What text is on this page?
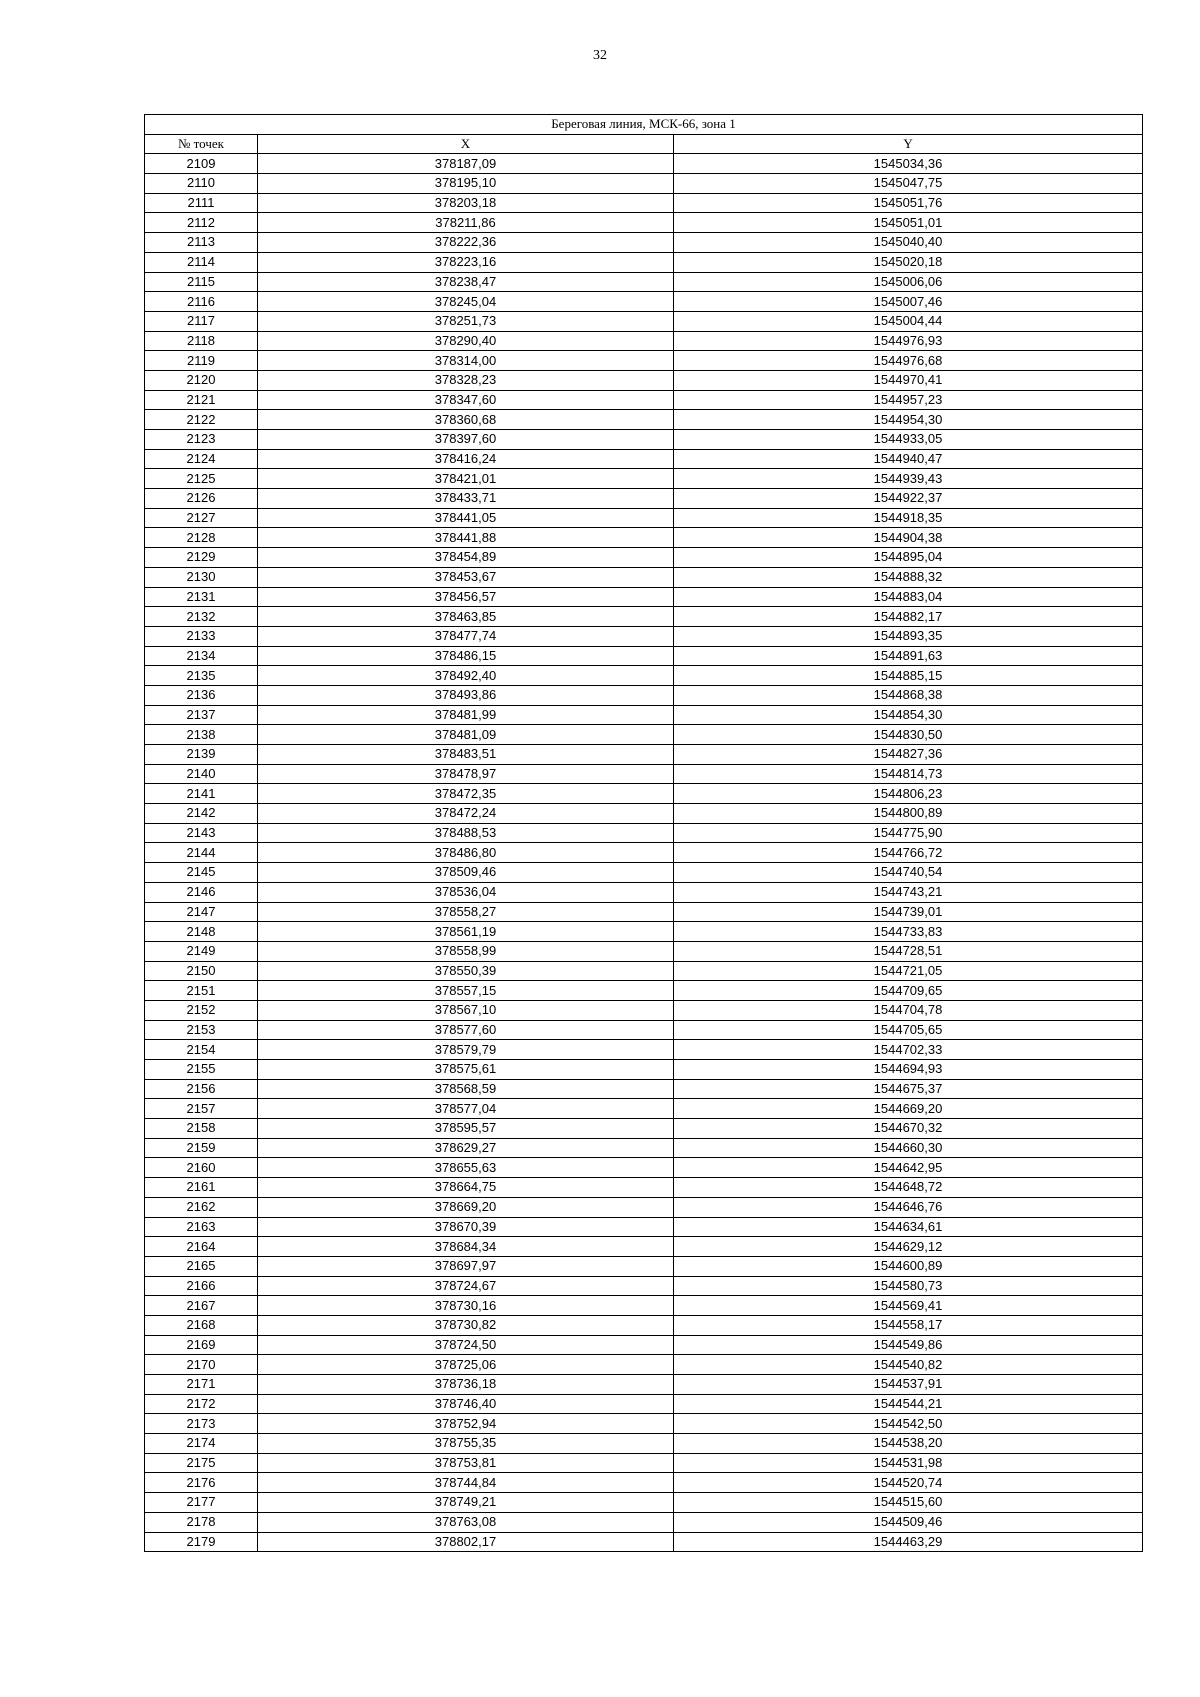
32
Береговая линия, МСК-66, зона 1		
№ точек	X	Y
2109	378187,09	1545034,36
2110	378195,10	1545047,75
2111	378203,18	1545051,76
2112	378211,86	1545051,01
2113	378222,36	1545040,40
2114	378223,16	1545020,18
2115	378238,47	1545006,06
2116	378245,04	1545007,46
2117	378251,73	1545004,44
2118	378290,40	1544976,93
2119	378314,00	1544976,68
2120	378328,23	1544970,41
2121	378347,60	1544957,23
2122	378360,68	1544954,30
2123	378397,60	1544933,05
2124	378416,24	1544940,47
2125	378421,01	1544939,43
2126	378433,71	1544922,37
2127	378441,05	1544918,35
2128	378441,88	1544904,38
2129	378454,89	1544895,04
2130	378453,67	1544888,32
2131	378456,57	1544883,04
2132	378463,85	1544882,17
2133	378477,74	1544893,35
2134	378486,15	1544891,63
2135	378492,40	1544885,15
2136	378493,86	1544868,38
2137	378481,99	1544854,30
2138	378481,09	1544830,50
2139	378483,51	1544827,36
2140	378478,97	1544814,73
2141	378472,35	1544806,23
2142	378472,24	1544800,89
2143	378488,53	1544775,90
2144	378486,80	1544766,72
2145	378509,46	1544740,54
2146	378536,04	1544743,21
2147	378558,27	1544739,01
2148	378561,19	1544733,83
2149	378558,99	1544728,51
2150	378550,39	1544721,05
2151	378557,15	1544709,65
2152	378567,10	1544704,78
2153	378577,60	1544705,65
2154	378579,79	1544702,33
2155	378575,61	1544694,93
2156	378568,59	1544675,37
2157	378577,04	1544669,20
2158	378595,57	1544670,32
2159	378629,27	1544660,30
2160	378655,63	1544642,95
2161	378664,75	1544648,72
2162	378669,20	1544646,76
2163	378670,39	1544634,61
2164	378684,34	1544629,12
2165	378697,97	1544600,89
2166	378724,67	1544580,73
2167	378730,16	1544569,41
2168	378730,82	1544558,17
2169	378724,50	1544549,86
2170	378725,06	1544540,82
2171	378736,18	1544537,91
2172	378746,40	1544544,21
2173	378752,94	1544542,50
2174	378755,35	1544538,20
2175	378753,81	1544531,98
2176	378744,84	1544520,74
2177	378749,21	1544515,60
2178	378763,08	1544509,46
2179	378802,17	1544463,29
